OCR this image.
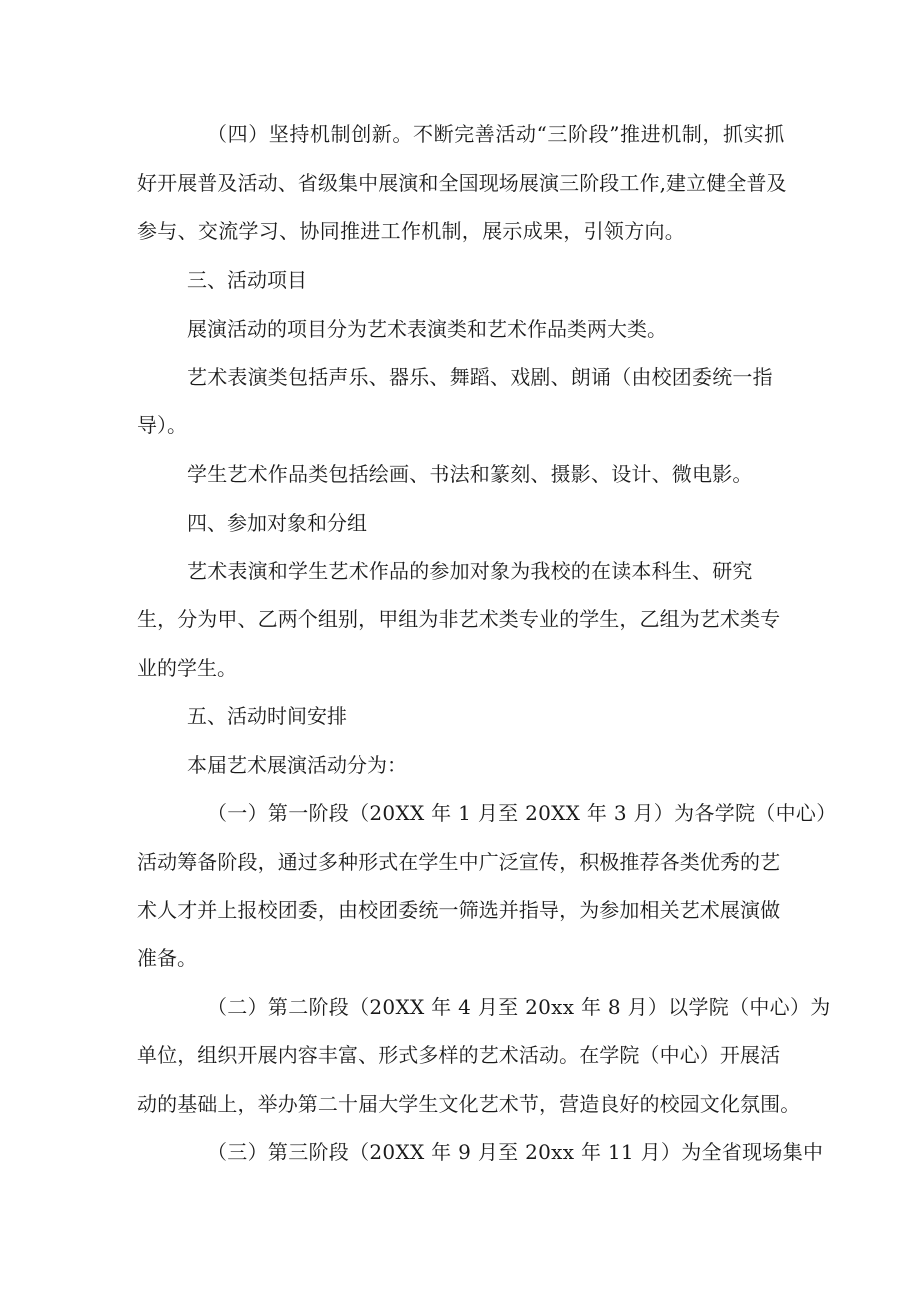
（四）坚持机制创新。不断完善活动“三阶段”推进机制，抓实抓
好开展普及活动、省级集中展演和全国现场展演三阶段工作,建立健全普及
参与、交流学习、协同推进工作机制，展示成果，引领方向。
三、活动项目
展演活动的项目分为艺术表演类和艺术作品类两大类。
艺术表演类包括声乐、器乐、舞蹈、戏剧、朗诵（由校团委统一指
导）。
学生艺术作品类包括绘画、书法和篆刻、摄影、设计、微电影。
四、参加对象和分组
艺术表演和学生艺术作品的参加对象为我校的在读本科生、研究
生，分为甲、乙两个组别，甲组为非艺术类专业的学生，乙组为艺术类专
业的学生。
五、活动时间安排
本届艺术展演活动分为：
（一）第一阶段（20XX 年 1 月至 20XX 年 3 月）为各学院（中心）
活动筹备阶段，通过多种形式在学生中广泛宣传，积极推荐各类优秀的艺
术人才并上报校团委，由校团委统一筛选并指导，为参加相关艺术展演做
准备。
（二）第二阶段（20XX 年 4 月至 20xx 年 8 月）以学院（中心）为
单位，组织开展内容丰富、形式多样的艺术活动。在学院（中心）开展活
动的基础上，举办第二十届大学生文化艺术节，营造良好的校园文化氛围。
（三）第三阶段（20XX 年 9 月至 20xx 年 11 月）为全省现场集中
